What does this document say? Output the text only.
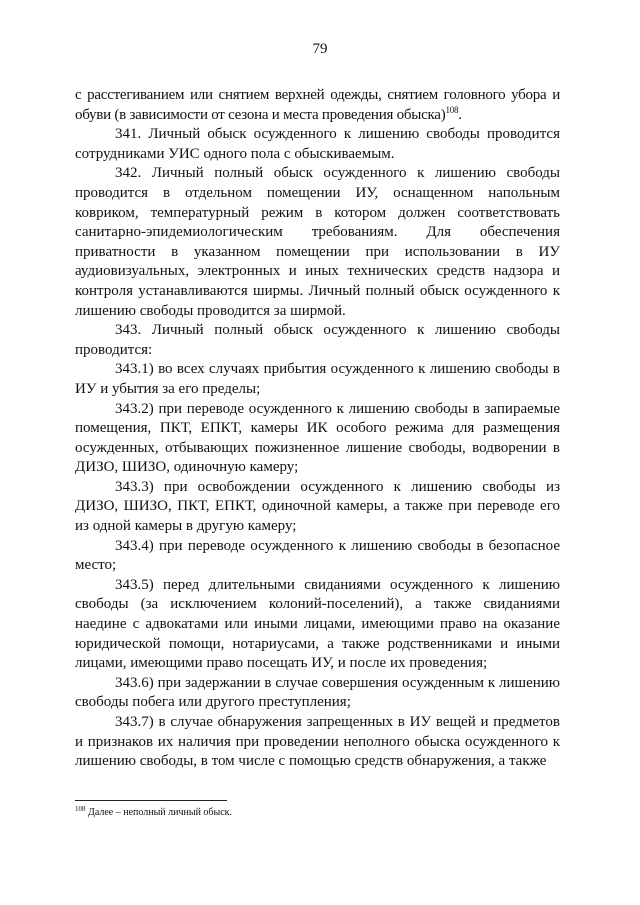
79

с расстегиванием или снятием верхней одежды, снятием головного убора и обуви (в зависимости от сезона и места проведения обыска)$^{108}$.

341. Личный обыск осужденного к лишению свободы проводится сотрудниками УИС одного пола с обыскиваемым.

342. Личный полный обыск осужденного к лишению свободы проводится в отдельном помещении ИУ, оснащенном напольным ковриком, температурный режим в котором должен соответствовать санитарно-эпидемиологическим требованиям. Для обеспечения приватности в указанном помещении при использовании в ИУ аудиовизуальных, электронных и иных технических средств надзора и контроля устанавливаются ширмы. Личный полный обыск осужденного к лишению свободы проводится за ширмой.

343. Личный полный обыск осужденного к лишению свободы проводится:

343.1) во всех случаях прибытия осужденного к лишению свободы в ИУ и убытия за его пределы;

343.2) при переводе осужденного к лишению свободы в запираемые помещения, ПКТ, ЕПКТ, камеры ИК особого режима для размещения осужденных, отбывающих пожизненное лишение свободы, водворении в ДИЗО, ШИЗО, одиночную камеру;

343.3) при освобождении осужденного к лишению свободы из ДИЗО, ШИЗО, ПКТ, ЕПКТ, одиночной камеры, а также при переводе его из одной камеры в другую камеру;

343.4) при переводе осужденного к лишению свободы в безопасное место;

343.5) перед длительными свиданиями осужденного к лишению свободы (за исключением колоний-поселений), а также свиданиями наедине с адвокатами или иными лицами, имеющими право на оказание юридической помощи, нотариусами, а также родственниками и иными лицами, имеющими право посещать ИУ, и после их проведения;

343.6) при задержании в случае совершения осужденным к лишению свободы побега или другого преступления;

343.7) в случае обнаружения запрещенных в ИУ вещей и предметов и признаков их наличия при проведении неполного обыска осужденного к лишению свободы, в том числе с помощью средств обнаружения, а также

$^{108}$ Далее – неполный личный обыск.
